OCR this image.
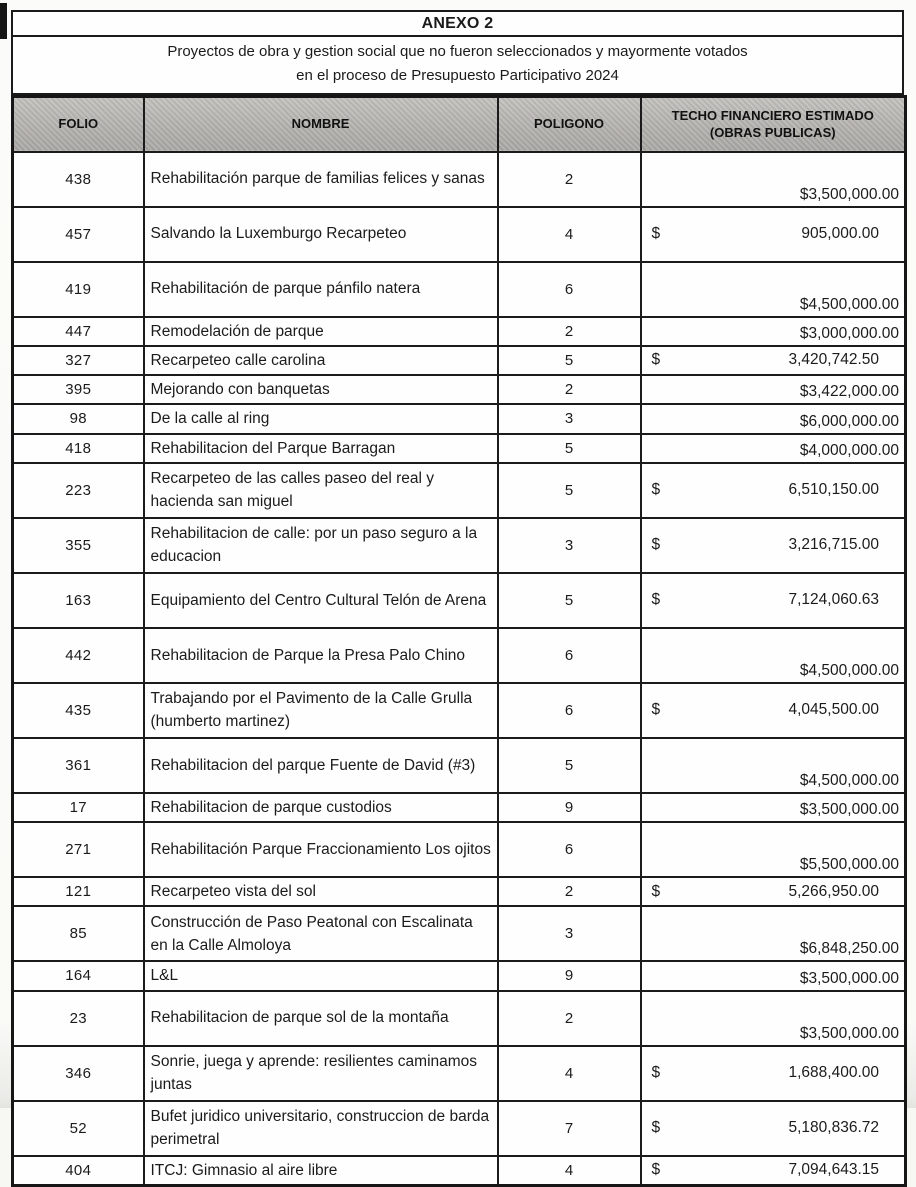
ANEXO 2
Proyectos de obra y gestion social que no fueron seleccionados y mayormente votados
en el proceso de Presupuesto Participativo 2024
FOLIO	NOMBRE	POLIGONO	TECHO FINANCIERO ESTIMADO
(OBRAS PUBLICAS)

438	Rehabilitación parque de familias felices y sanas	2	$3,500,000.00
457	Salvando la Luxemburgo Recarpeteo	4	$ 905,000.00

419	Rehabilitación de parque pánfilo natera	6	$4,500,000.00
447	Remodelación de parque	2	$3,000,000.00
327	Recarpeteo calle carolina	5	$ 3,420,742.50

395	Mejorando con banquetas	2	$3,422,000.00
98	De la calle al ring	3	$6,000,000.00
418	Rehabilitacion del Parque Barragan	5	$4,000,000.00
223	Recarpeteo de las calles paseo del real y hacienda san miguel	5	$ 6,510,150.00

355	Rehabilitacion de calle: por un paso seguro a la educacion	3	$ 3,216,715.00

163	Equipamiento del Centro Cultural Telón de Arena	5	$ 7,124,060.63

442	Rehabilitacion de Parque la Presa Palo Chino	6	$4,500,000.00
435	Trabajando por el Pavimento de la Calle Grulla (humberto martinez)	6	$ 4,045,500.00

361	Rehabilitacion del parque Fuente de David (#3)	5	$4,500,000.00
17	Rehabilitacion de parque custodios	9	$3,500,000.00
271	Rehabilitación Parque Fraccionamiento Los ojitos	6	$5,500,000.00
121	Recarpeteo vista del sol	2	$ 5,266,950.00

85	Construcción de Paso Peatonal con Escalinata en la Calle Almoloya	3	$6,848,250.00
164	L&L	9	$3,500,000.00
23	Rehabilitacion de parque sol de la montaña	2	$3,500,000.00
346	Sonrie, juega y aprende: resilientes caminamos juntas	4	$ 1,688,400.00

52	Bufet juridico universitario, construccion de barda perimetral	7	$ 5,180,836.72

404	ITCJ: Gimnasio al aire libre	4	$ 7,094,643.15
